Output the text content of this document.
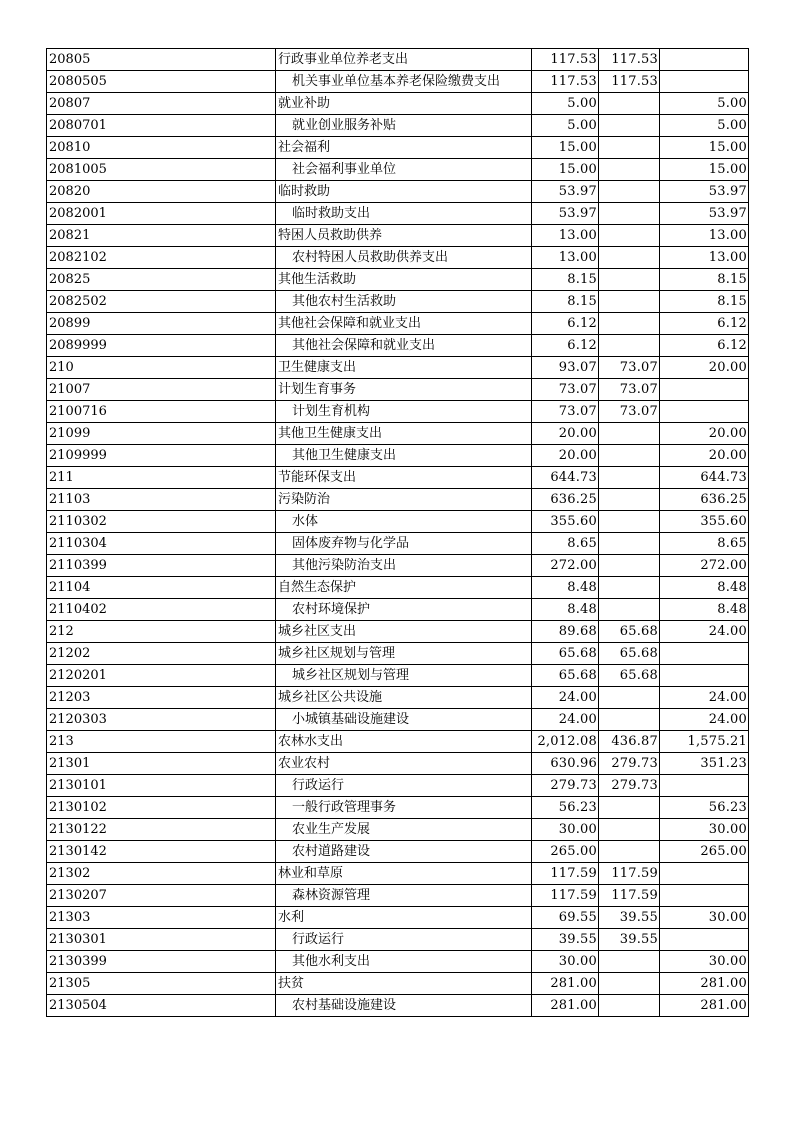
20805	行政事业单位养老支出	117.53	117.53	
2080505	机关事业单位基本养老保险缴费支出	117.53	117.53	
20807	就业补助	5.00		5.00
2080701	就业创业服务补贴	5.00		5.00
20810	社会福利	15.00		15.00
2081005	社会福利事业单位	15.00		15.00
20820	临时救助	53.97		53.97
2082001	临时救助支出	53.97		53.97
20821	特困人员救助供养	13.00		13.00
2082102	农村特困人员救助供养支出	13.00		13.00
20825	其他生活救助	8.15		8.15
2082502	其他农村生活救助	8.15		8.15
20899	其他社会保障和就业支出	6.12		6.12
2089999	其他社会保障和就业支出	6.12		6.12
210	卫生健康支出	93.07	73.07	20.00
21007	计划生育事务	73.07	73.07	
2100716	计划生育机构	73.07	73.07	
21099	其他卫生健康支出	20.00		20.00
2109999	其他卫生健康支出	20.00		20.00
211	节能环保支出	644.73		644.73
21103	污染防治	636.25		636.25
2110302	水体	355.60		355.60
2110304	固体废弃物与化学品	8.65		8.65
2110399	其他污染防治支出	272.00		272.00
21104	自然生态保护	8.48		8.48
2110402	农村环境保护	8.48		8.48
212	城乡社区支出	89.68	65.68	24.00
21202	城乡社区规划与管理	65.68	65.68	
2120201	城乡社区规划与管理	65.68	65.68	
21203	城乡社区公共设施	24.00		24.00
2120303	小城镇基础设施建设	24.00		24.00
213	农林水支出	2,012.08	436.87	1,575.21
21301	农业农村	630.96	279.73	351.23
2130101	行政运行	279.73	279.73	
2130102	一般行政管理事务	56.23		56.23
2130122	农业生产发展	30.00		30.00
2130142	农村道路建设	265.00		265.00
21302	林业和草原	117.59	117.59	
2130207	森林资源管理	117.59	117.59	
21303	水利	69.55	39.55	30.00
2130301	行政运行	39.55	39.55	
2130399	其他水利支出	30.00		30.00
21305	扶贫	281.00		281.00
2130504	农村基础设施建设	281.00		281.00
